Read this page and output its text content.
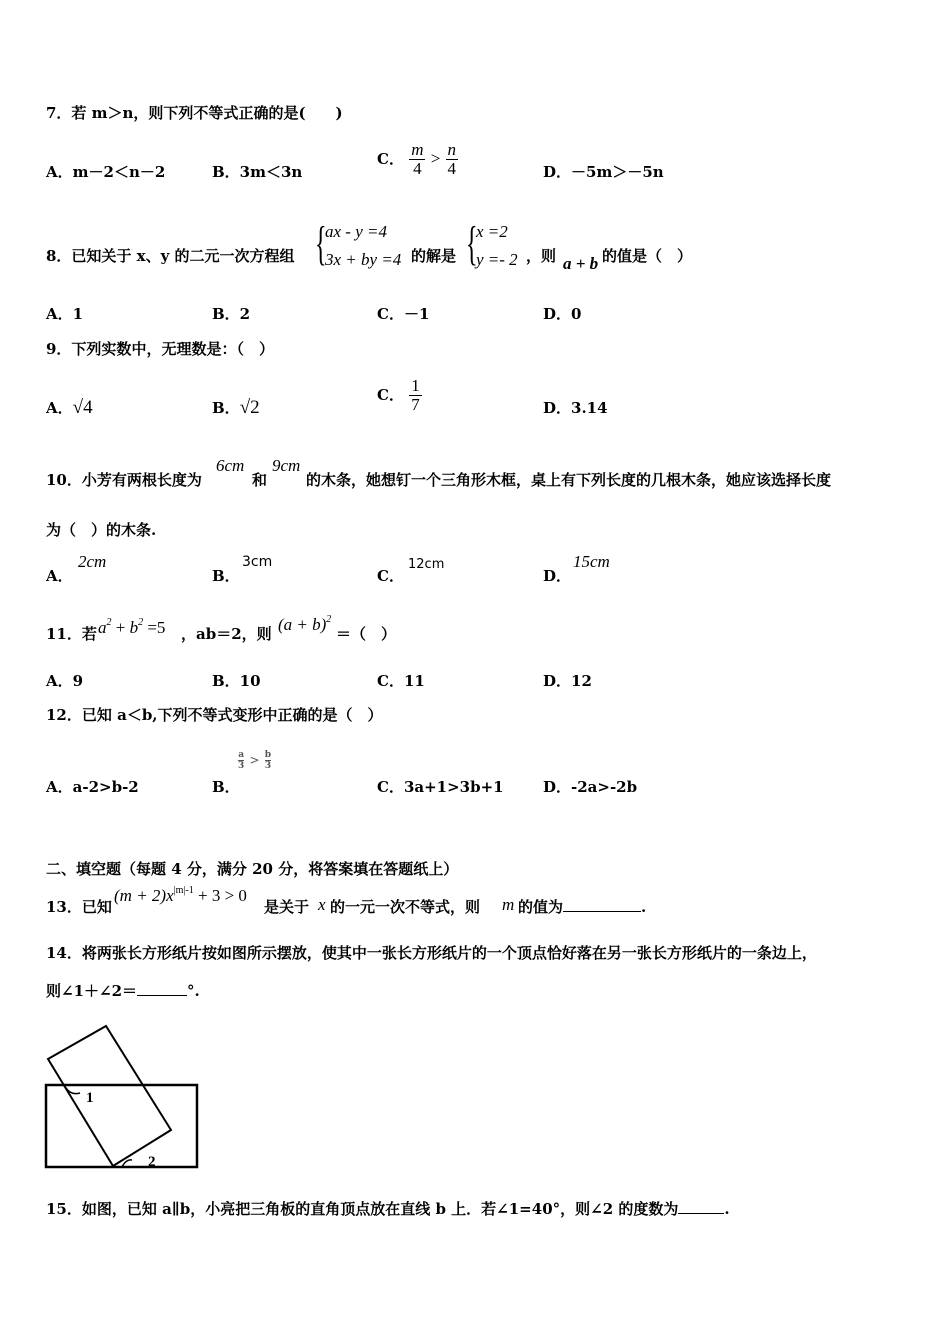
7．若 m＞n，则下列不等式正确的是(　　)
A．m－2＜n－2	B．3m＜3n
C． $\frac{m}{4} > \frac{n}{4}$	D．－5m＞－5n
8．已知关于 x、y 的二元一次方程组 {
ax - y =4
3x + by =4 的解是 {
x =2
y =- 2 ，则 a + b 的值是（　）
A．1	B．2	C．－1	D．0
9．下列实数中，无理数是：（　）
A．√4	B．√2
C． $\frac{1}{7}$	D．3.14
10．小芳有两根长度为
6cm
和
9cm
的木条，她想钉一个三角形木框，桌上有下列长度的几根木条，她应该选择长度
为（　）的木条.
A．
2cm
B．
3cm
C．
12cm
D．
15cm
11．若 $a^2 + b^2 =5$ ，ab＝2，则 $(a + b)^2$
＝（　）
A．9	B．10	C．11	D．12
12．已知 a＜b,下列不等式变形中正确的是（　）
A．a-2>b-2	B．
$\frac{a}{3} > \frac{b}{3}$
C．3a+1>3b+1	D．-2a>-2b
二、填空题（每题 4 分，满分 20 分，将答案填在答题纸上）
13．已知
$(m + 2)x^{|m|-1} + 3 > 0$
是关于 x 的一元一次不等式，则 m 的值为	.
14．将两张长方形纸片按如图所示摆放，使其中一张长方形纸片的一个顶点恰好落在另一张长方形纸片的一条边上，
则∠1＋∠2＝	°.
1
2
15．如图，已知 a∥b，小亮把三角板的直角顶点放在直线 b 上．若∠1=40°，则∠2 的度数为	.
